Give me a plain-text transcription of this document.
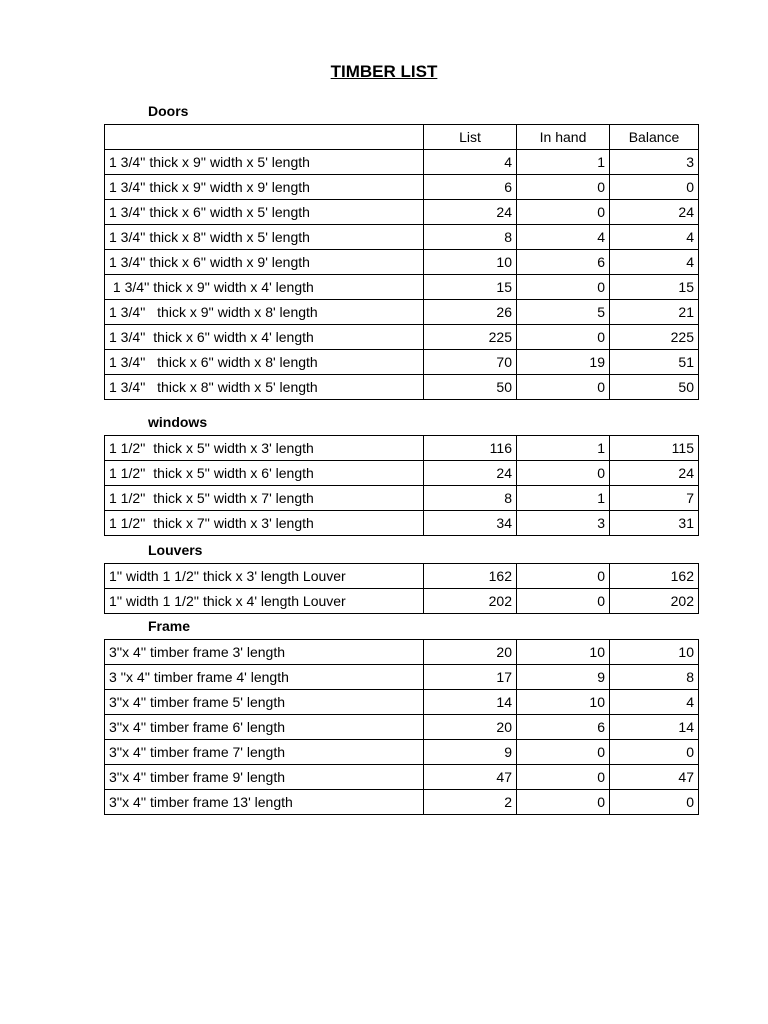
TIMBER LIST
Doors
	List	In hand	Balance
1 3/4'' thick x 9'' width x 5' length	4	1	3
1 3/4'' thick x 9'' width x 9' length	6	0	0
1 3/4'' thick x 6'' width x 5' length	24	0	24
1 3/4'' thick x 8'' width x 5' length	8	4	4
1 3/4'' thick x 6'' width x 9' length	10	6	4
1 3/4'' thick x 9'' width x 4' length	15	0	15
1 3/4''   thick x 9'' width x 8' length	26	5	21
1 3/4''  thick x 6'' width x 4' length	225	0	225
1 3/4''   thick x 6'' width x 8' length	70	19	51
1 3/4''   thick x 8'' width x 5' length	50	0	50
windows
1 1/2''  thick x 5'' width x 3' length	116	1	115
1 1/2''  thick x 5'' width x 6' length	24	0	24
1 1/2''  thick x 5'' width x 7' length	8	1	7
1 1/2''  thick x 7'' width x 3' length	34	3	31
Louvers
1'' width 1 1/2'' thick x 3' length Louver	162	0	162
1'' width 1 1/2'' thick x 4' length Louver	202	0	202
Frame
3''x 4'' timber frame 3' length	20	10	10
3 ''x 4'' timber frame 4' length	17	9	8
3''x 4'' timber frame 5' length	14	10	4
3''x 4'' timber frame 6' length	20	6	14
3''x 4'' timber frame 7' length	9	0	0
3''x 4'' timber frame 9' length	47	0	47
3''x 4'' timber frame 13' length	2	0	0
